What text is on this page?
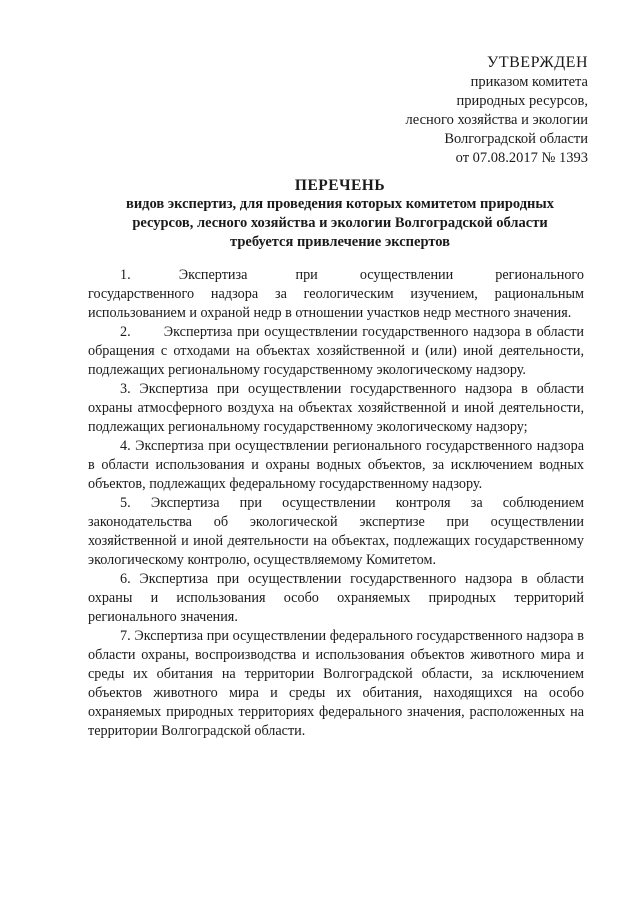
УТВЕРЖДЕН
приказом комитета
природных ресурсов,
лесного хозяйства и экологии
Волгоградской области
от 07.08.2017 № 1393
ПЕРЕЧЕНЬ
видов экспертиз, для проведения которых комитетом природных
ресурсов, лесного хозяйства и экологии Волгоградской области
требуется привлечение экспертов

1.        Экспертиза        при       осуществлении       регионального государственного надзора за геологическим изучением, рациональным использованием и охраной недр в отношении участков недр местного значения.

2.       Экспертиза при осуществлении государственного надзора в области обращения с отходами на объектах хозяйственной и (или) иной деятельности, подлежащих региональному государственному экологическому надзору.

3. Экспертиза при осуществлении государственного надзора в области охраны атмосферного воздуха на объектах хозяйственной и иной деятельности, подлежащих региональному государственному экологическому надзору;

4. Экспертиза при осуществлении регионального государственного надзора в области использования и охраны водных объектов, за исключением водных объектов, подлежащих федеральному государственному надзору.

5. Экспертиза при осуществлении контроля за соблюдением законодательства об экологической экспертизе при осуществлении хозяйственной и иной деятельности на объектах, подлежащих государственному экологическому контролю, осуществляемому Комитетом.

6. Экспертиза при осуществлении государственного надзора в области охраны и использования особо охраняемых природных территорий регионального значения.

7. Экспертиза при осуществлении федерального государственного надзора в области охраны, воспроизводства и использования объектов животного мира и среды их обитания на территории Волгоградской области, за исключением объектов животного мира и среды их обитания, находящихся на особо охраняемых природных территориях федерального значения, расположенных на территории Волгоградской области.
